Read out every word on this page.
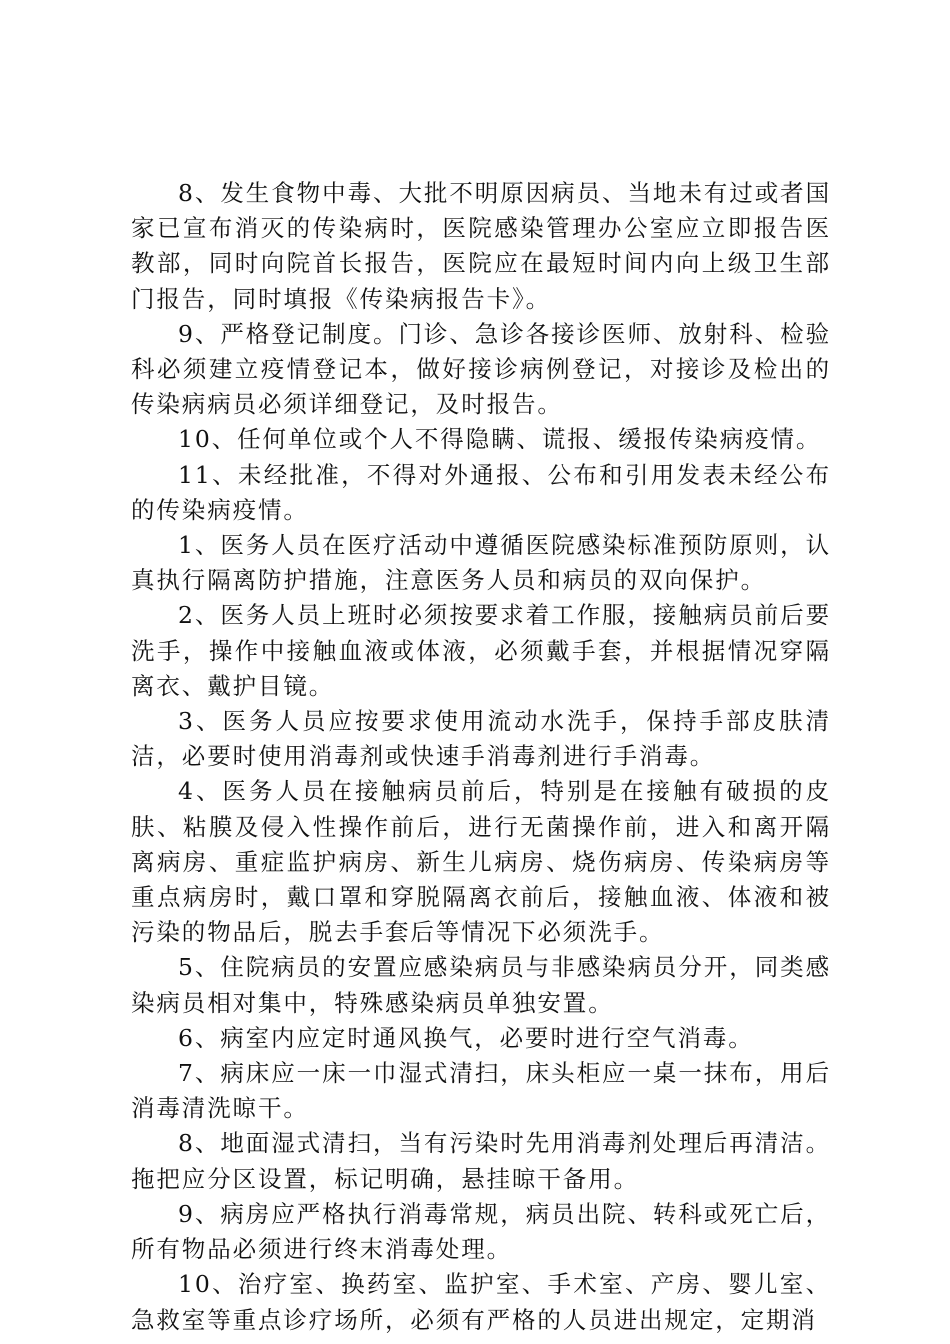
8、发生食物中毒、大批不明原因病员、当地未有过或者国家已宣布消灭的传染病时，医院感染管理办公室应立即报告医教部，同时向院首长报告，医院应在最短时间内向上级卫生部门报告，同时填报《传染病报告卡》。

9、严格登记制度。门诊、急诊各接诊医师、放射科、检验科必须建立疫情登记本，做好接诊病例登记，对接诊及检出的传染病病员必须详细登记，及时报告。

10、任何单位或个人不得隐瞒、谎报、缓报传染病疫情。

11、未经批准，不得对外通报、公布和引用发表未经公布的传染病疫情。

1、医务人员在医疗活动中遵循医院感染标准预防原则，认真执行隔离防护措施，注意医务人员和病员的双向保护。

2、医务人员上班时必须按要求着工作服，接触病员前后要洗手，操作中接触血液或体液，必须戴手套，并根据情况穿隔离衣、戴护目镜。

3、医务人员应按要求使用流动水洗手，保持手部皮肤清洁，必要时使用消毒剂或快速手消毒剂进行手消毒。

4、医务人员在接触病员前后，特别是在接触有破损的皮肤、粘膜及侵入性操作前后，进行无菌操作前，进入和离开隔离病房、重症监护病房、新生儿病房、烧伤病房、传染病房等重点病房时，戴口罩和穿脱隔离衣前后，接触血液、体液和被污染的物品后，脱去手套后等情况下必须洗手。

5、住院病员的安置应感染病员与非感染病员分开，同类感染病员相对集中，特殊感染病员单独安置。

6、病室内应定时通风换气，必要时进行空气消毒。

7、病床应一床一巾湿式清扫，床头柜应一桌一抹布，用后消毒清洗晾干。

8、地面湿式清扫，当有污染时先用消毒剂处理后再清洁。拖把应分区设置，标记明确，悬挂晾干备用。

9、病房应严格执行消毒常规，病员出院、转科或死亡后，所有物品必须进行终末消毒处理。

10、治疗室、换药室、监护室、手术室、产房、婴儿室、急救室等重点诊疗场所，必须有严格的人员进出规定，定期消
